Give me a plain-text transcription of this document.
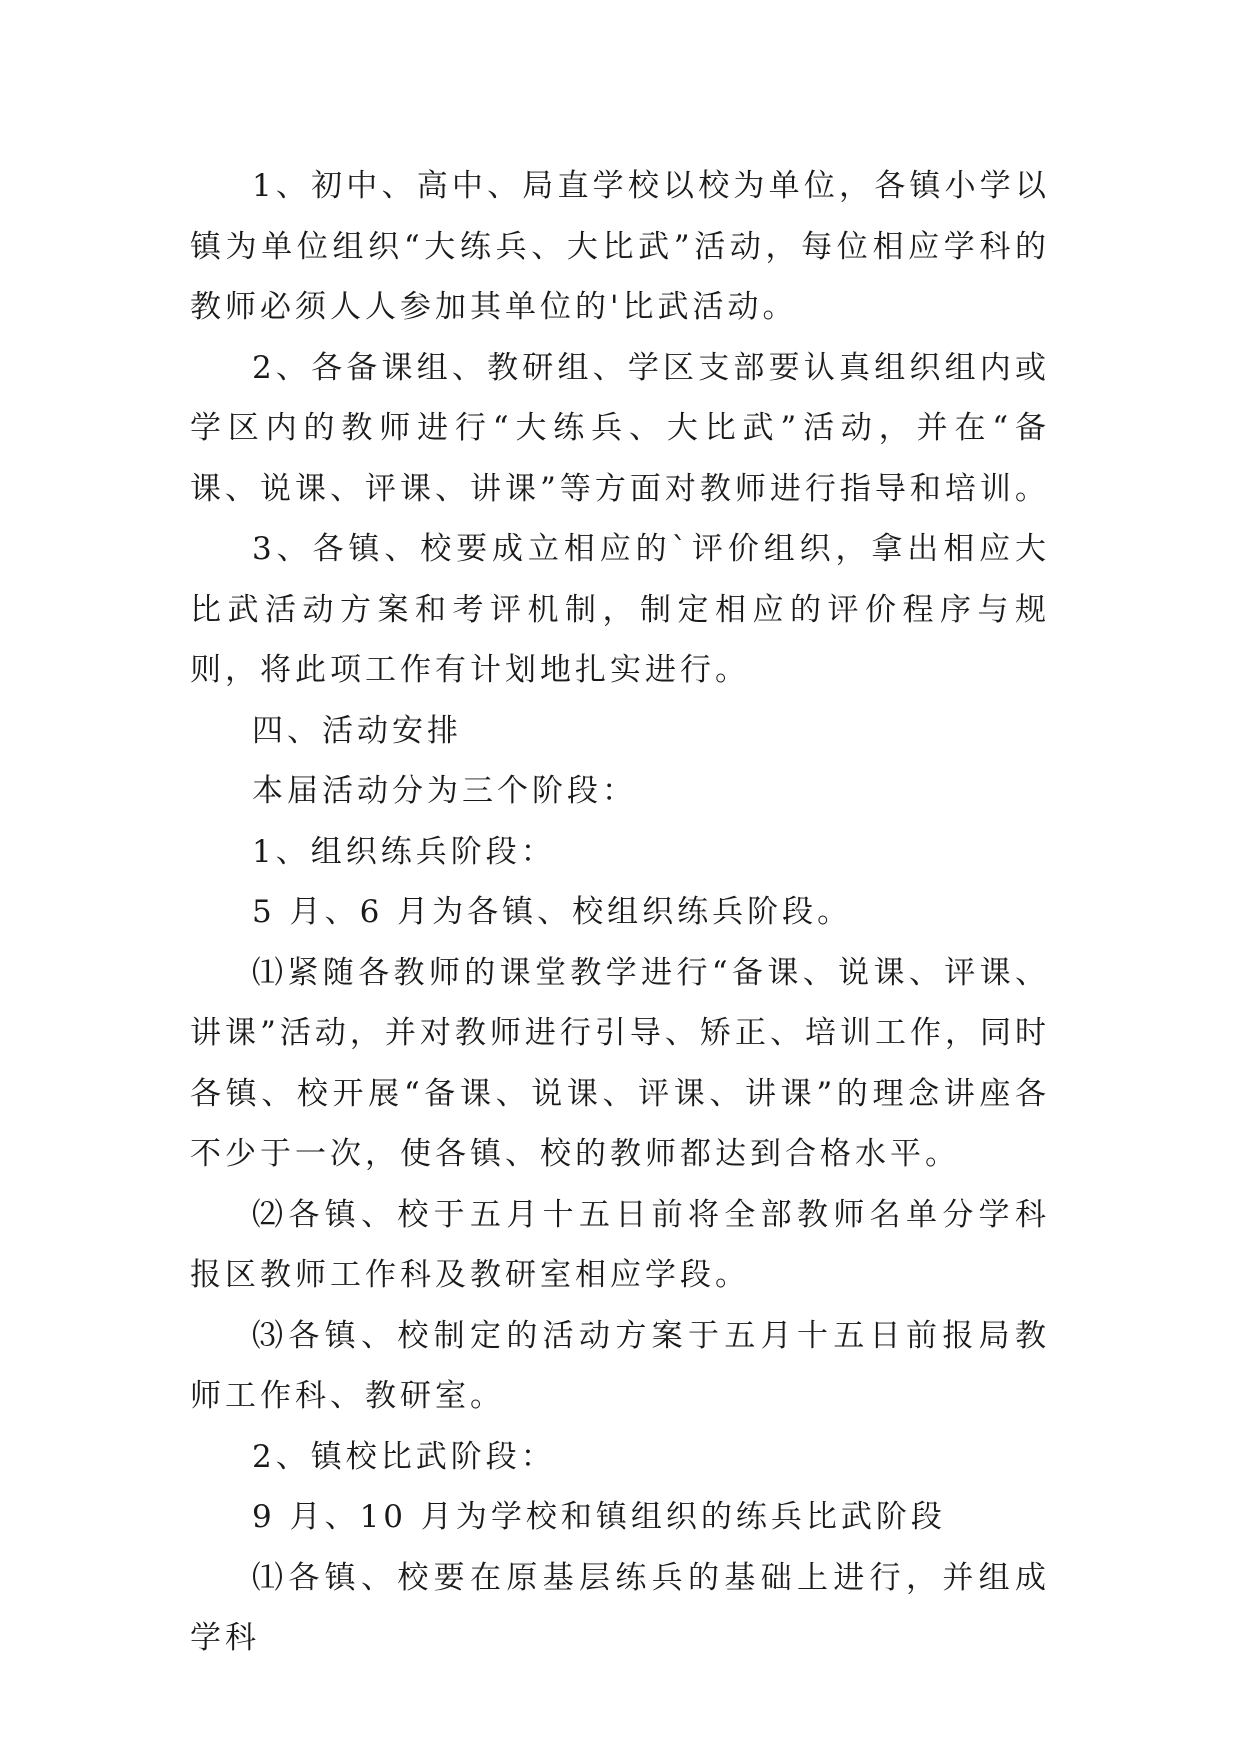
1、初中、高中、局直学校以校为单位，各镇小学以镇为单位组织“大练兵、大比武”活动，每位相应学科的教师必须人人参加其单位的'比武活动。

2、各备课组、教研组、学区支部要认真组织组内或学区内的教师进行“大练兵、大比武”活动，并在“备课、说课、评课、讲课”等方面对教师进行指导和培训。

3、各镇、校要成立相应的`评价组织，拿出相应大比武活动方案和考评机制，制定相应的评价程序与规则，将此项工作有计划地扎实进行。

四、活动安排

本届活动分为三个阶段：

1、组织练兵阶段：

5 月、6 月为各镇、校组织练兵阶段。

⑴紧随各教师的课堂教学进行“备课、说课、评课、讲课”活动，并对教师进行引导、矫正、培训工作，同时各镇、校开展“备课、说课、评课、讲课”的理念讲座各不少于一次，使各镇、校的教师都达到合格水平。

⑵各镇、校于五月十五日前将全部教师名单分学科报区教师工作科及教研室相应学段。

⑶各镇、校制定的活动方案于五月十五日前报局教师工作科、教研室。

2、镇校比武阶段：

9 月、10 月为学校和镇组织的练兵比武阶段

⑴各镇、校要在原基层练兵的基础上进行，并组成学科
